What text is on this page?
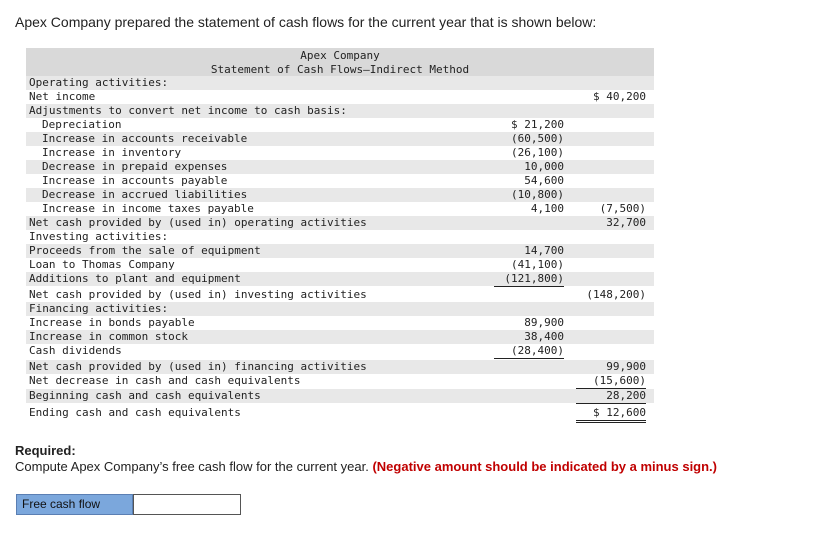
Apex Company prepared the statement of cash flows for the current year that is shown below:
Apex Company
Statement of Cash Flows—Indirect Method
Operating activities:
Net income	$ 40,200
Adjustments to convert net income to cash basis:
Depreciation	$ 21,200
Increase in accounts receivable	(60,500)
Increase in inventory	(26,100)
Decrease in prepaid expenses	10,000
Increase in accounts payable	54,600
Decrease in accrued liabilities	(10,800)
Increase in income taxes payable	4,100	(7,500)
Net cash provided by (used in) operating activities	32,700
Investing activities:
Proceeds from the sale of equipment	14,700
Loan to Thomas Company	(41,100)
Additions to plant and equipment	(121,800)
Net cash provided by (used in) investing activities	(148,200)
Financing activities:
Increase in bonds payable	89,900
Increase in common stock	38,400
Cash dividends	(28,400)
Net cash provided by (used in) financing activities	99,900
Net decrease in cash and cash equivalents	(15,600)
Beginning cash and cash equivalents	28,200
Ending cash and cash equivalents	$ 12,600
Required:
Compute Apex Company’s free cash flow for the current year. (Negative amount should be indicated by a minus sign.)
Free cash flow
